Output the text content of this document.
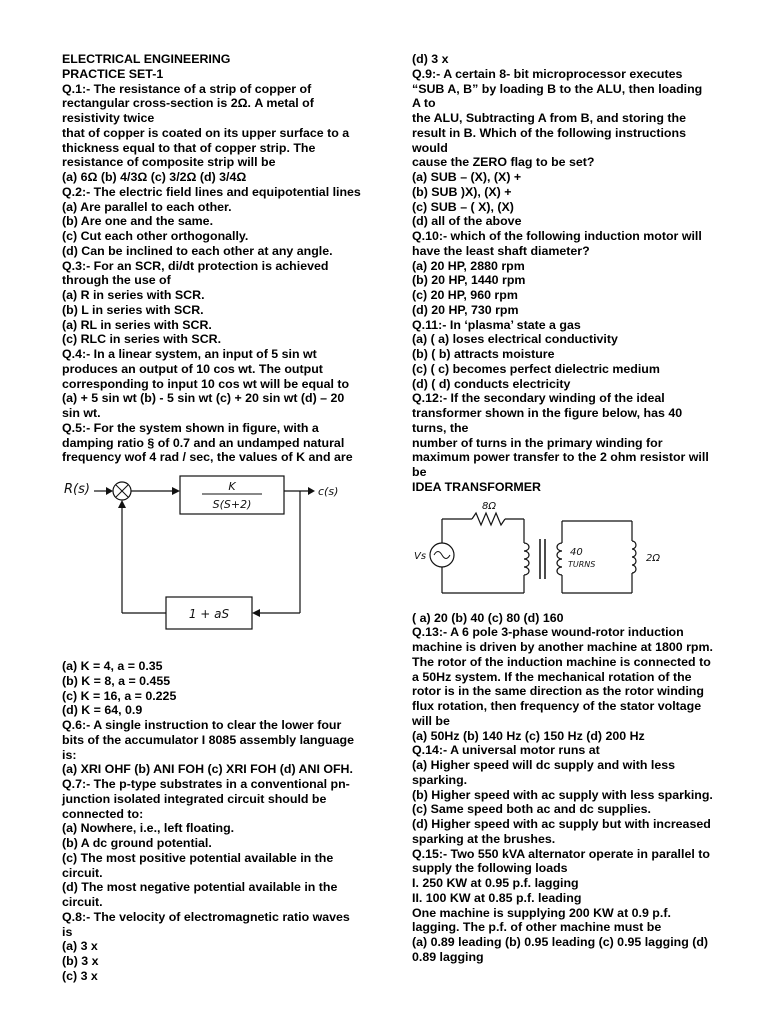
ELECTRICAL ENGINEERING
PRACTICE SET-1
Q.1:- The resistance of a strip of copper of
rectangular cross-section is 2Ω. A metal of
resistivity twice
that of copper is coated on its upper surface to a
thickness equal to that of copper strip. The
resistance of composite strip will be
(a) 6Ω (b) 4/3Ω (c) 3/2Ω (d) 3/4Ω
Q.2:- The electric field lines and equipotential lines
(a) Are parallel to each other.
(b) Are one and the same.
(c) Cut each other orthogonally.
(d) Can be inclined to each other at any angle.
Q.3:- For an SCR, di/dt protection is achieved
through the use of
(a) R in series with SCR.
(b) L in series with SCR.
(a) RL in series with SCR.
(c) RLC in series with SCR.
Q.4:- In a linear system, an input of 5 sin wt
produces an output of 10 cos wt. The output
corresponding to input 10 cos wt will be equal to
(a) + 5 sin wt (b) - 5 sin wt (c) + 20 sin wt (d) – 20
sin wt.
Q.5:- For the system shown in figure, with a
damping ratio § of 0.7 and an undamped natural
frequency wof 4 rad / sec, the values of K and are
R(s)	K
S(S+2)
c(s)
1 + aS
(a) K = 4, a = 0.35
(b) K = 8, a = 0.455
(c) K = 16, a = 0.225
(d) K = 64, 0.9
Q.6:- A single instruction to clear the lower four
bits of the accumulator I 8085 assembly language
is:
(a) XRI OHF (b) ANI FOH (c) XRI FOH (d) ANI OFH.
Q.7:- The p-type substrates in a conventional pn-
junction isolated integrated circuit should be
connected to:
(a) Nowhere, i.e., left floating.
(b) A dc ground potential.
(c) The most positive potential available in the
circuit.
(d) The most negative potential available in the
circuit.
Q.8:- The velocity of electromagnetic ratio waves
is
(a) 3 x
(b) 3 x
(c) 3 x
(d) 3 x
Q.9:- A certain 8- bit microprocessor executes
“SUB A, B” by loading B to the ALU, then loading
A to
the ALU, Subtracting A from B, and storing the
result in B. Which of the following instructions
would
cause the ZERO flag to be set?
(a) SUB – (X), (X) +
(b) SUB )X), (X) +
(c) SUB – ( X), (X)
(d) all of the above
Q.10:- which of the following induction motor will
have the least shaft diameter?
(a) 20 HP, 2880 rpm
(b) 20 HP, 1440 rpm
(c) 20 HP, 960 rpm
(d) 20 HP, 730 rpm
Q.11:- In ‘plasma’ state a gas
(a) ( a) loses electrical conductivity
(b) ( b) attracts moisture
(c) ( c) becomes perfect dielectric medium
(d) ( d) conducts electricity
Q.12:- If the secondary winding of the ideal
transformer shown in the figure below, has 40
turns, the
number of turns in the primary winding for
maximum power transfer to the 2 ohm resistor will
be
IDEA TRANSFORMER
8Ω
Vs	40
TURNS
2Ω
( a) 20 (b) 40 (c) 80 (d) 160
Q.13:- A 6 pole 3-phase wound-rotor induction
machine is driven by another machine at 1800 rpm.
The rotor of the induction machine is connected to
a 50Hz system. If the mechanical rotation of the
rotor is in the same direction as the rotor winding
flux rotation, then frequency of the stator voltage
will be
(a) 50Hz (b) 140 Hz (c) 150 Hz (d) 200 Hz
Q.14:- A universal motor runs at
(a) Higher speed will dc supply and with less
sparking.
(b) Higher speed with ac supply with less sparking.
(c) Same speed both ac and dc supplies.
(d) Higher speed with ac supply but with increased
sparking at the brushes.
Q.15:- Two 550 kVA alternator operate in parallel to
supply the following loads
I. 250 KW at 0.95 p.f. lagging
II. 100 KW at 0.85 p.f. leading
One machine is supplying 200 KW at 0.9 p.f.
lagging. The p.f. of other machine must be
(a) 0.89 leading (b) 0.95 leading (c) 0.95 lagging (d)
0.89 lagging
